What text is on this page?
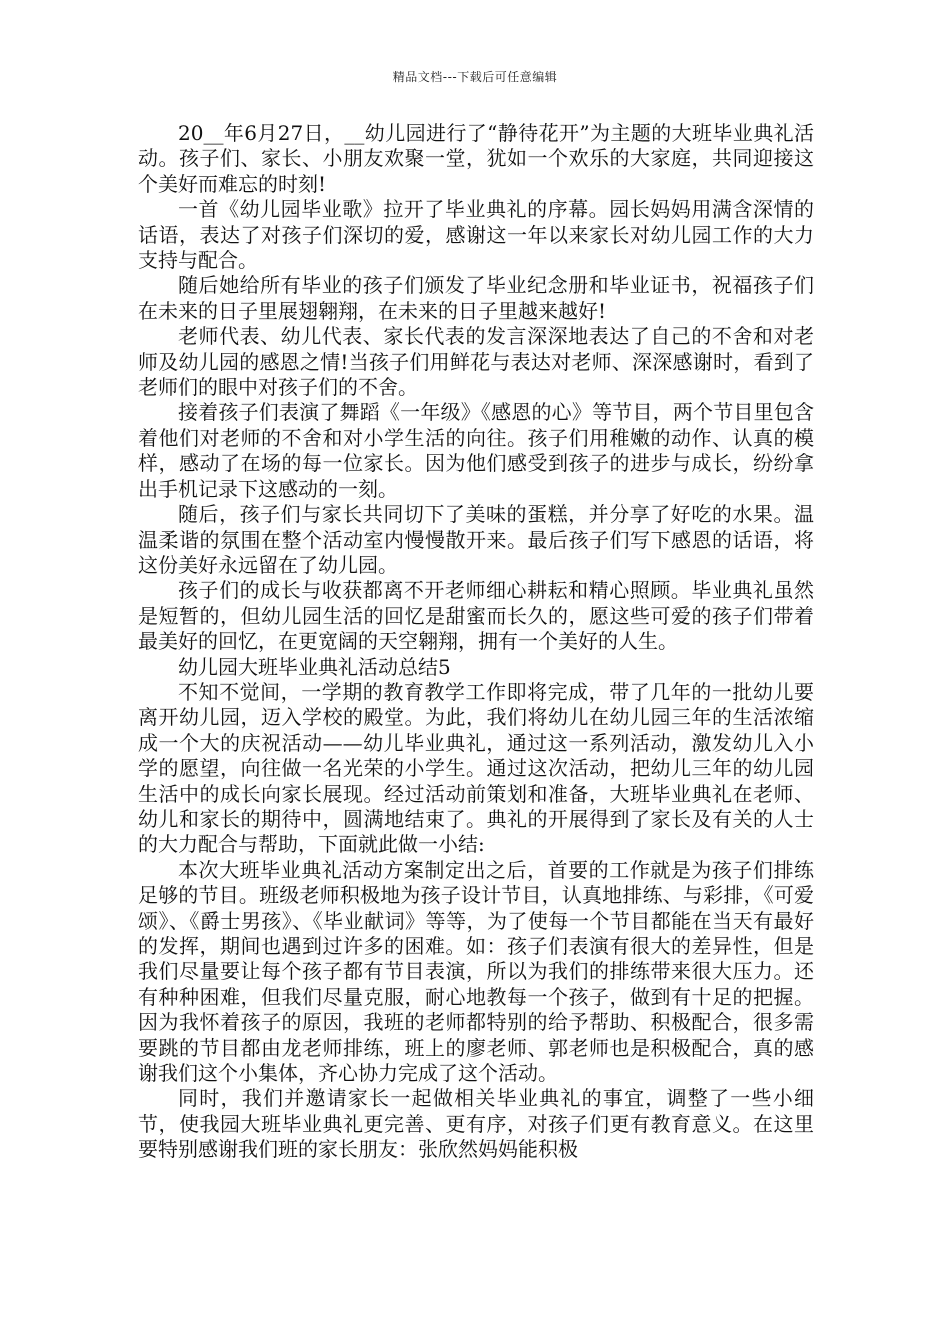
精品文档---下载后可任意编辑

20__年6月27日，__幼儿园进行了“静待花开”为主题的大班毕业典礼活动。孩子们、家长、小朋友欢聚一堂，犹如一个欢乐的大家庭，共同迎接这个美好而难忘的时刻!

一首《幼儿园毕业歌》拉开了毕业典礼的序幕。园长妈妈用满含深情的话语，表达了对孩子们深切的爱，感谢这一年以来家长对幼儿园工作的大力支持与配合。

随后她给所有毕业的孩子们颁发了毕业纪念册和毕业证书，祝福孩子们在未来的日子里展翅翱翔，在未来的日子里越来越好!

老师代表、幼儿代表、家长代表的发言深深地表达了自己的不舍和对老师及幼儿园的感恩之情!当孩子们用鲜花与表达对老师、深深感谢时，看到了老师们的眼中对孩子们的不舍。

接着孩子们表演了舞蹈《一年级》《感恩的心》等节目，两个节目里包含着他们对老师的不舍和对小学生活的向往。孩子们用稚嫩的动作、认真的模样，感动了在场的每一位家长。因为他们感受到孩子的进步与成长，纷纷拿出手机记录下这感动的一刻。

随后，孩子们与家长共同切下了美味的蛋糕，并分享了好吃的水果。温温柔谐的氛围在整个活动室内慢慢散开来。最后孩子们写下感恩的话语，将这份美好永远留在了幼儿园。

孩子们的成长与收获都离不开老师细心耕耘和精心照顾。毕业典礼虽然是短暂的，但幼儿园生活的回忆是甜蜜而长久的，愿这些可爱的孩子们带着最美好的回忆，在更宽阔的天空翱翔，拥有一个美好的人生。

幼儿园大班毕业典礼活动总结5

不知不觉间，一学期的教育教学工作即将完成，带了几年的一批幼儿要离开幼儿园，迈入学校的殿堂。为此，我们将幼儿在幼儿园三年的生活浓缩成一个大的庆祝活动——幼儿毕业典礼，通过这一系列活动，激发幼儿入小学的愿望，向往做一名光荣的小学生。通过这次活动，把幼儿三年的幼儿园生活中的成长向家长展现。经过活动前策划和准备，大班毕业典礼在老师、幼儿和家长的期待中，圆满地结束了。典礼的开展得到了家长及有关的人士的大力配合与帮助，下面就此做一小结:

本次大班毕业典礼活动方案制定出之后，首要的工作就是为孩子们排练足够的节目。班级老师积极地为孩子设计节目，认真地排练、与彩排，《可爱颂》、《爵士男孩》、《毕业献词》等等，为了使每一个节目都能在当天有最好的发挥，期间也遇到过许多的困难。如：孩子们表演有很大的差异性，但是我们尽量要让每个孩子都有节目表演，所以为我们的排练带来很大压力。还有种种困难，但我们尽量克服，耐心地教每一个孩子，做到有十足的把握。因为我怀着孩子的原因，我班的老师都特别的给予帮助、积极配合，很多需要跳的节目都由龙老师排练，班上的廖老师、郭老师也是积极配合，真的感谢我们这个小集体，齐心协力完成了这个活动。

同时，我们并邀请家长一起做相关毕业典礼的事宜，调整了一些小细节，使我园大班毕业典礼更完善、更有序，对孩子们更有教育意义。在这里要特别感谢我们班的家长朋友：张欣然妈妈能积极
